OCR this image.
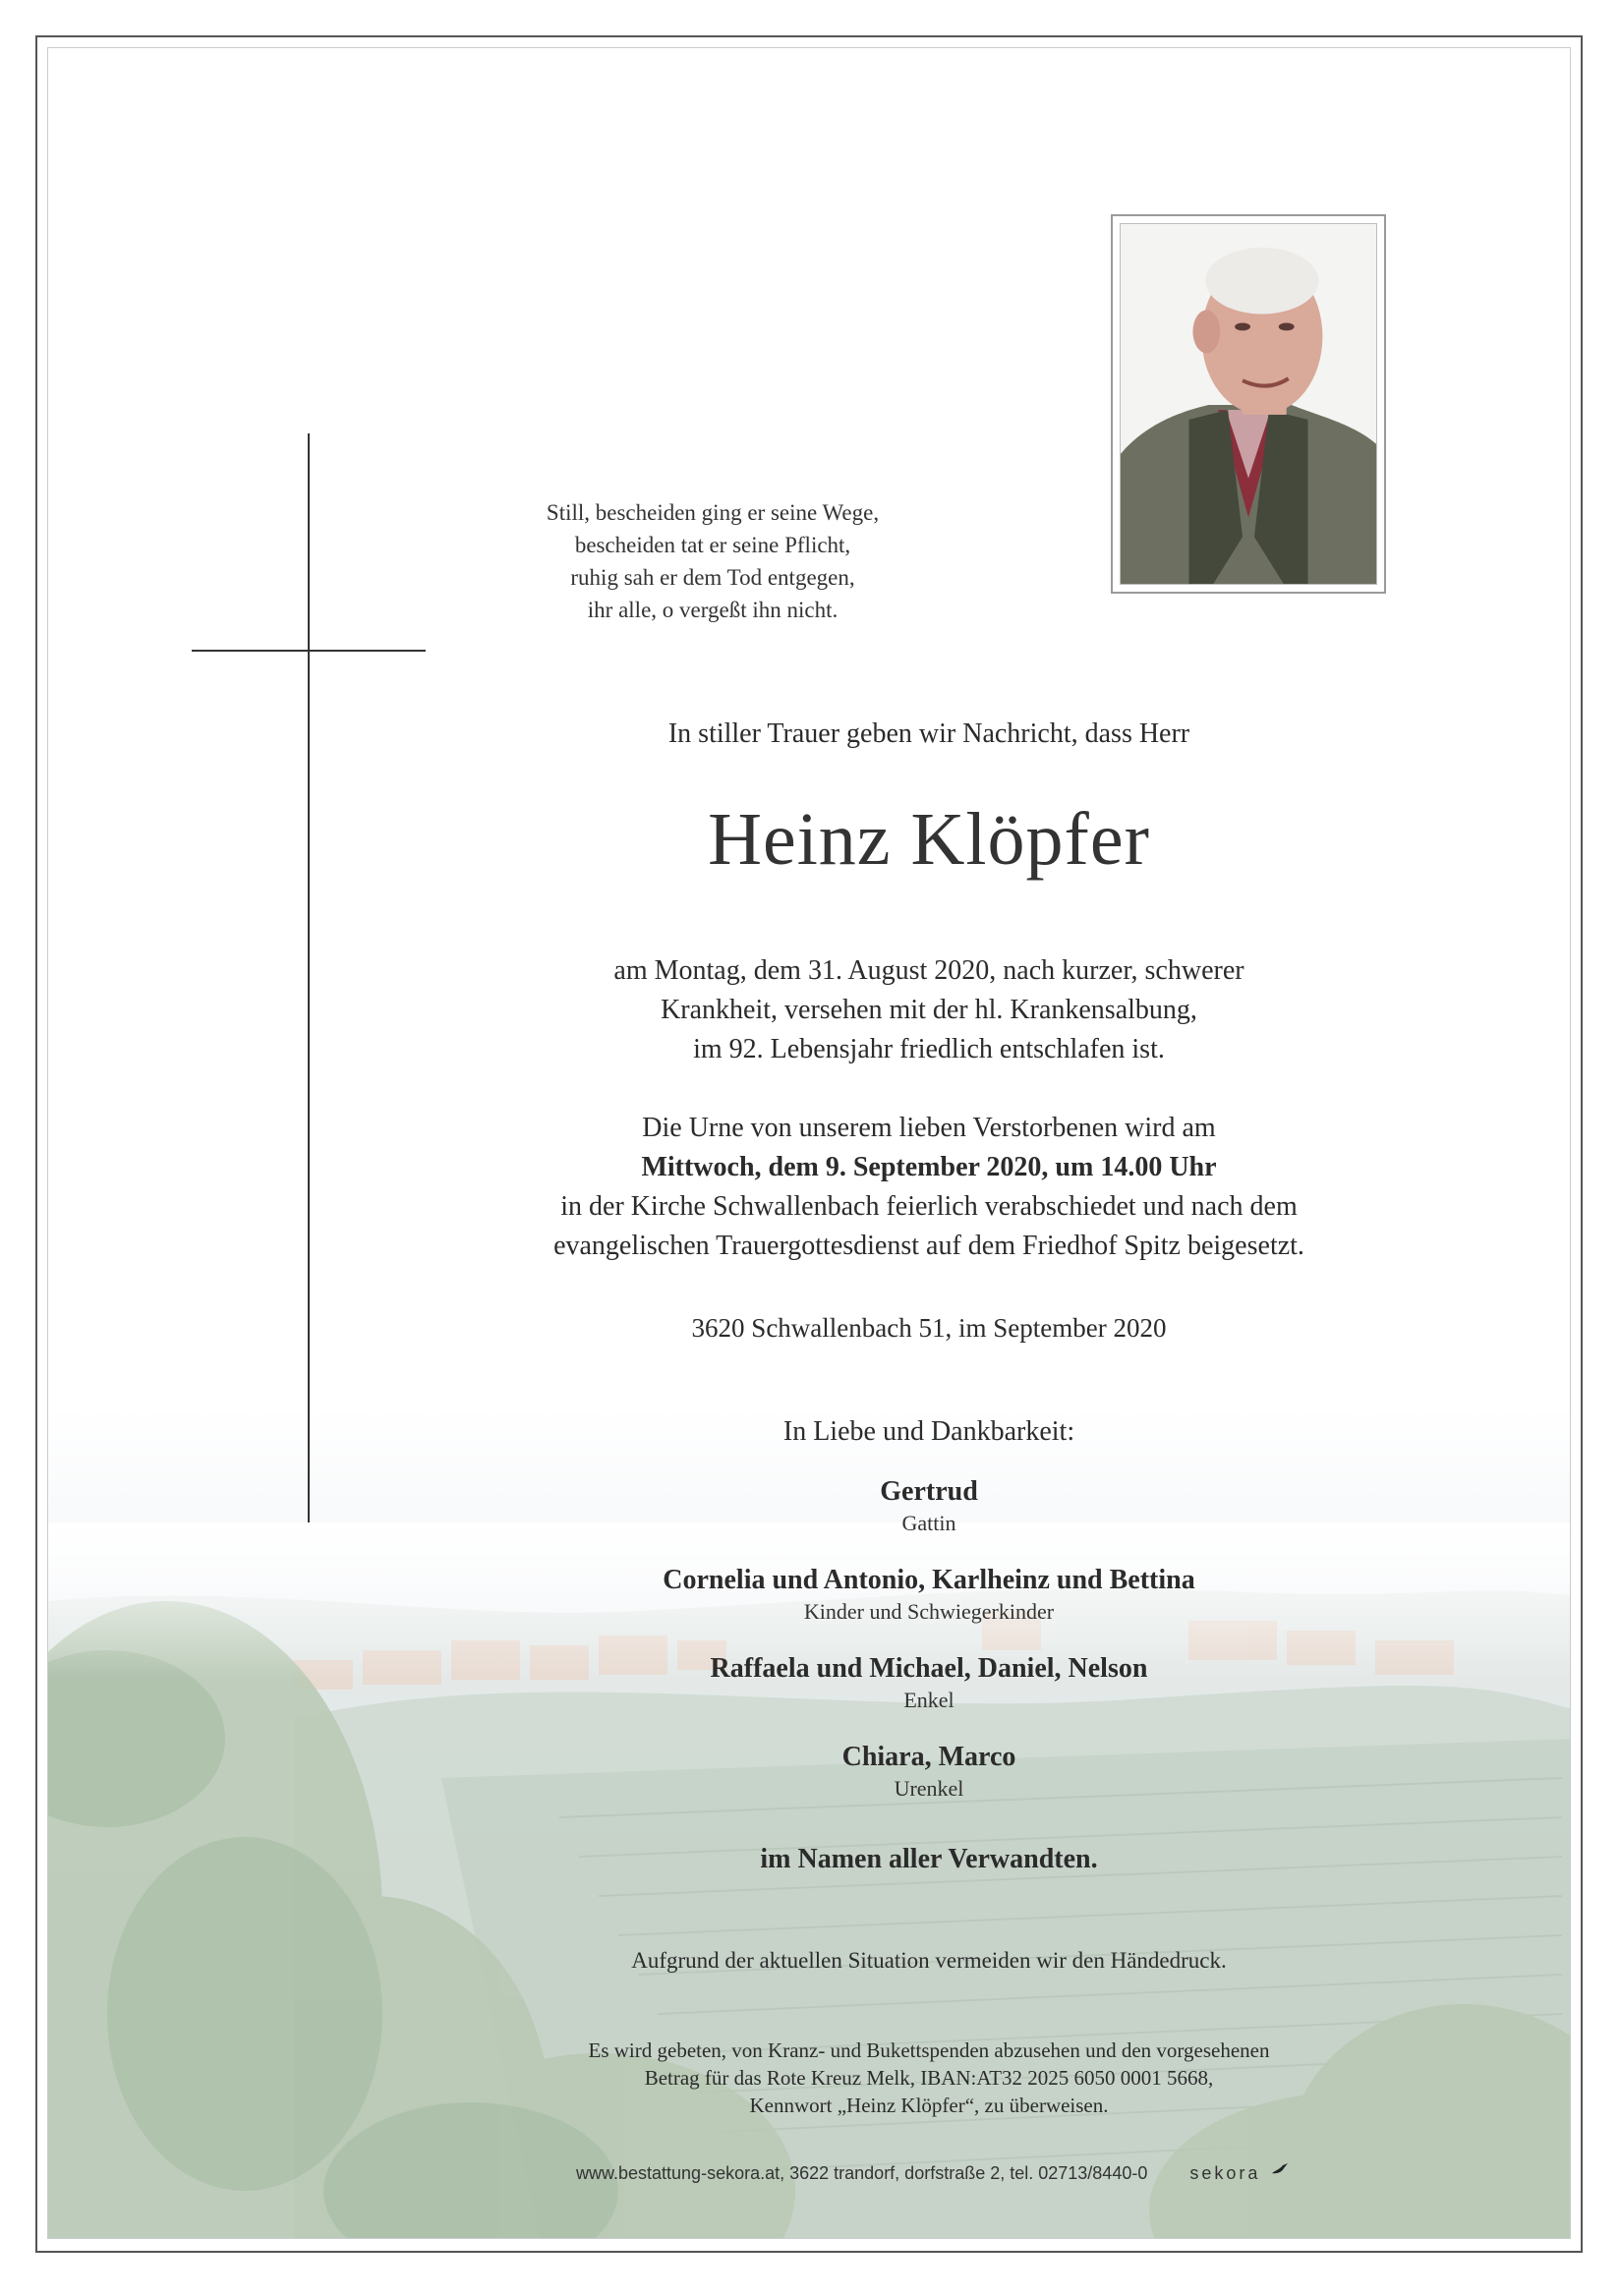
Still, bescheiden ging er seine Wege,
bescheiden tat er seine Pflicht,
ruhig sah er dem Tod entgegen,
ihr alle, o vergeßt ihn nicht.
In stiller Trauer geben wir Nachricht, dass Herr
Heinz Klöpfer
am Montag, dem 31. August 2020, nach kurzer, schwerer
Krankheit, versehen mit der hl. Krankensalbung,
im 92. Lebensjahr friedlich entschlafen ist.
Die Urne von unserem lieben Verstorbenen wird am
Mittwoch, dem 9. September 2020, um 14.00 Uhr
in der Kirche Schwallenbach feierlich verabschiedet und nach dem
evangelischen Trauergottesdienst auf dem Friedhof Spitz beigesetzt.
3620 Schwallenbach 51, im September 2020
In Liebe und Dankbarkeit:
Gertrud
Gattin
Cornelia und Antonio, Karlheinz und Bettina
Kinder und Schwiegerkinder
Raffaela und Michael, Daniel, Nelson
Enkel
Chiara, Marco
Urenkel
im Namen aller Verwandten.
Aufgrund der aktuellen Situation vermeiden wir den Händedruck.
Es wird gebeten, von Kranz- und Bukettspenden abzusehen und den vorgesehenen
Betrag für das Rote Kreuz Melk, IBAN:AT32 2025 6050 0001 5668,
Kennwort „Heinz Klöpfer“, zu überweisen.
www.bestattung-sekora.at, 3622 trandorf, dorfstraße 2, tel. 02713/8440-0 sekora
